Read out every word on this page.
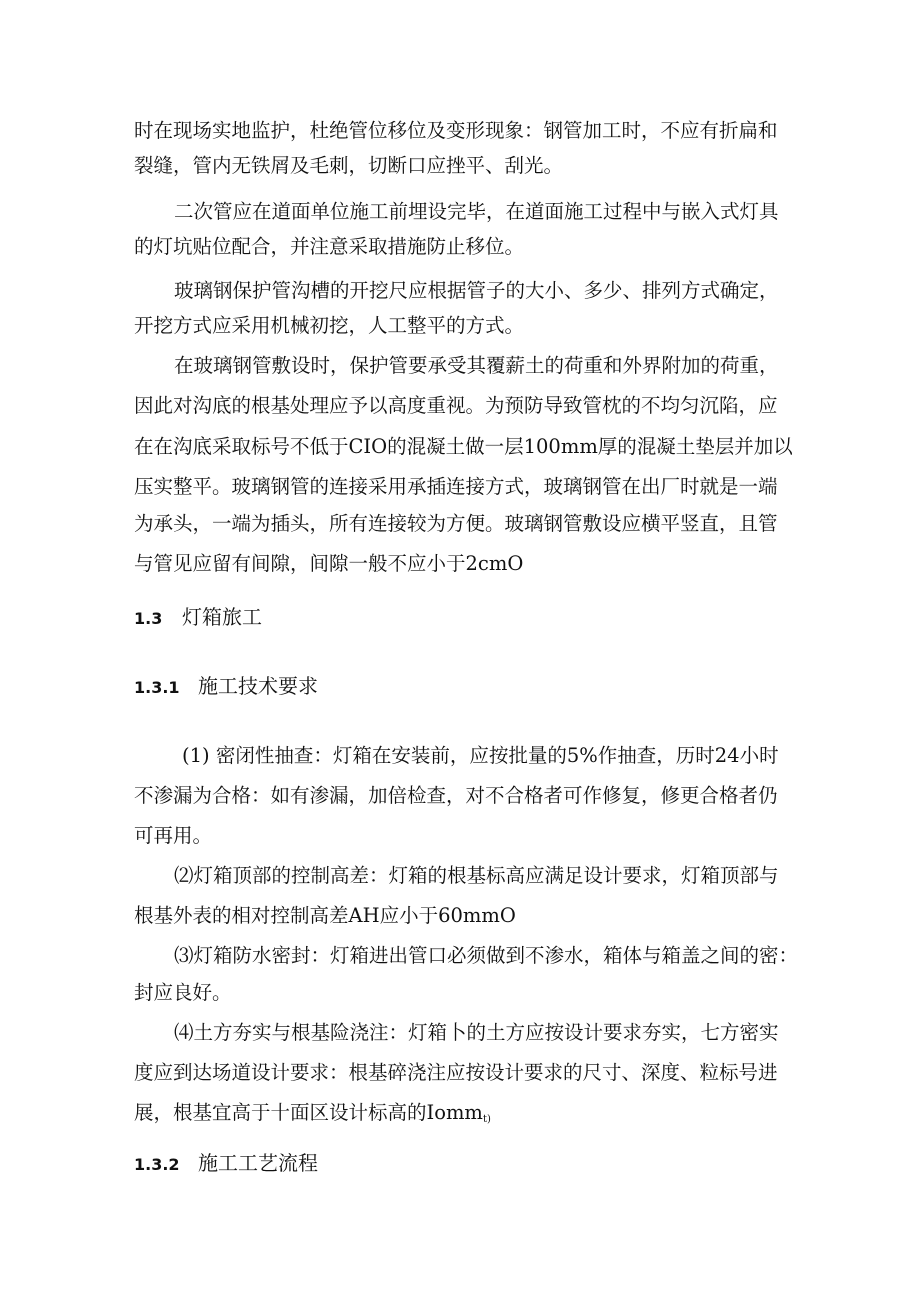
时在现场实地监护，杜绝管位移位及变形现象：钢管加工时，不应有折扁和
裂缝，管内无铁屑及毛刺，切断口应挫平、刮光。
二次管应在道面单位施工前埋设完毕，在道面施工过程中与嵌入式灯具
的灯坑贴位配合，并注意采取措施防止移位。
玻璃钢保护管沟槽的开挖尺应根据管子的大小、多少、排列方式确定，
开挖方式应采用机械初挖，人工整平的方式。
在玻璃钢管敷设时，保护管要承受其覆薪土的荷重和外界附加的荷重，
因此对沟底的根基处理应予以高度重视。为预防导致管枕的不均匀沉陷，应
在在沟底采取标号不低于CIO的混凝土做一层100mm厚的混凝土垫层并加以
压实整平。玻璃钢管的连接采用承插连接方式，玻璃钢管在出厂时就是一端
为承头，一端为插头，所有连接较为方便。玻璃钢管敷设应横平竖直，且管
与管见应留有间隙，间隙一般不应小于2cmO
1.3 灯箱旅工
1.3.1 施工技术要求
(1) 密闭性抽查：灯箱在安装前，应按批量的5%作抽查，历时24小时
不渗漏为合格：如有渗漏，加倍检查，对不合格者可作修复，修更合格者仍
可再用。
⑵灯箱顶部的控制高差：灯箱的根基标高应满足设计要求，灯箱顶部与
根基外表的相对控制高差AH应小于60mmO
⑶灯箱防水密封：灯箱进出管口必须做到不渗水，箱体与箱盖之间的密：
封应良好。
⑷土方夯实与根基险浇注：灯箱卜的土方应按设计要求夯实，七方密实
度应到达场道设计要求：根基碎浇注应按设计要求的尺寸、深度、粒标号进
展，根基宜高于十面区设计标高的Iomm$_{t)}$
1.3.2 施工工艺流程
